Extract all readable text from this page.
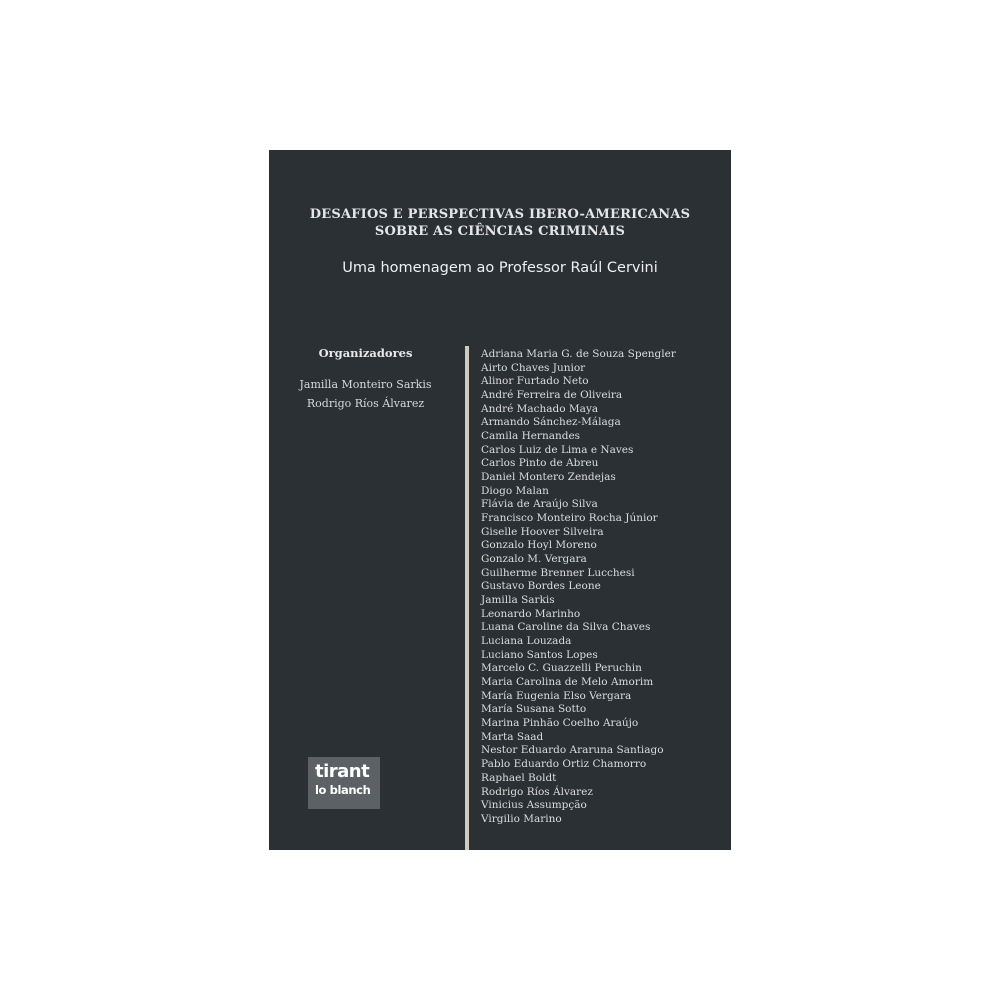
DESAFIOS E PERSPECTIVAS IBERO-AMERICANAS
SOBRE AS CIÊNCIAS CRIMINAIS
Uma homenagem ao Professor Raúl Cervini
Organizadores
Jamilla Monteiro Sarkis
Rodrigo Ríos Álvarez
Adriana Maria G. de Souza Spengler
Airto Chaves Junior
Alinor Furtado Neto
André Ferreira de Oliveira
André Machado Maya
Armando Sánchez-Málaga
Camila Hernandes
Carlos Luiz de Lima e Naves
Carlos Pinto de Abreu
Daniel Montero Zendejas
Diogo Malan
Flávia de Araújo Silva
Francisco Monteiro Rocha Júnior
Giselle Hoover Silveira
Gonzalo Hoyl Moreno
Gonzalo M. Vergara
Guilherme Brenner Lucchesi
Gustavo Bordes Leone
Jamilla Sarkis
Leonardo Marinho
Luana Caroline da Silva Chaves
Luciana Louzada
Luciano Santos Lopes
Marcelo C. Guazzelli Peruchin
Maria Carolina de Melo Amorim
María Eugenia Elso Vergara
María Susana Sotto
Marina Pinhão Coelho Araújo
Marta Saad
Nestor Eduardo Araruna Santiago
Pablo Eduardo Ortiz Chamorro
Raphael Boldt
Rodrigo Ríos Álvarez
Vinicius Assumpção
Virgilio Marino
tirant
lo blanch
